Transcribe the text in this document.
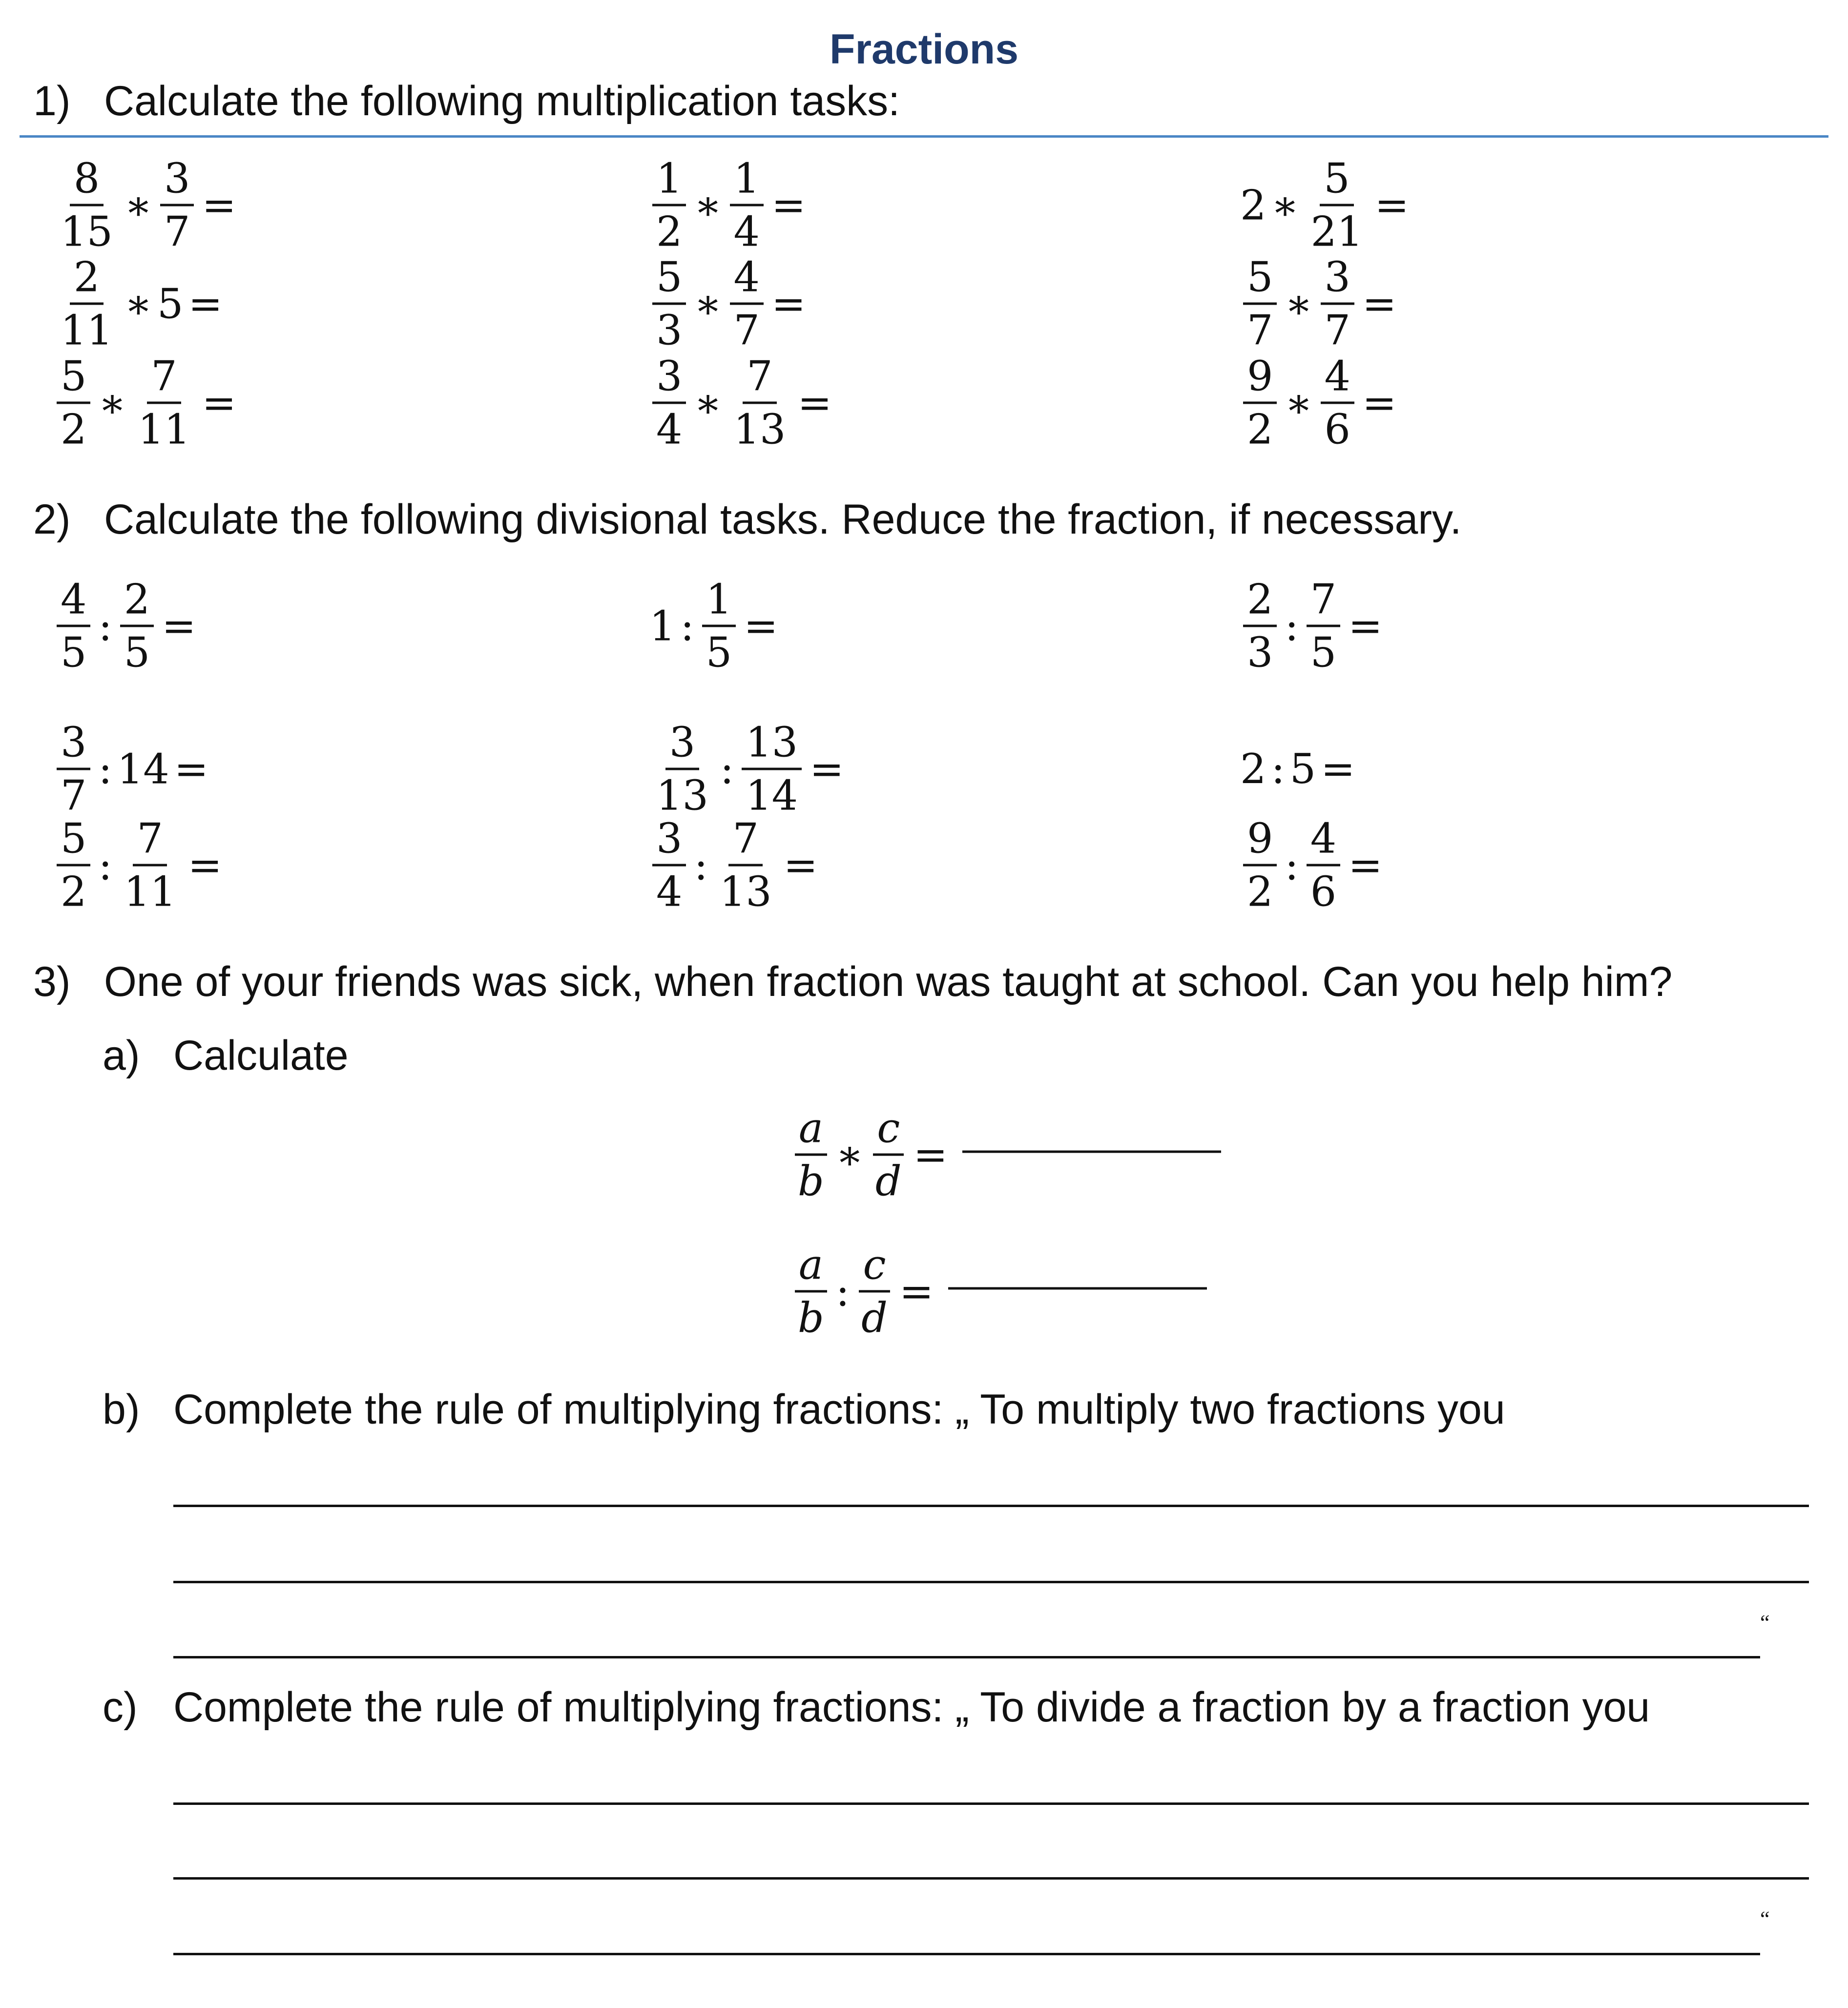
Fractions
1) Calculate the following multiplication tasks:
$\frac{8}{15}$ ∗ $\frac{3}{7}$ =	$\frac{1}{2}$ ∗ $\frac{1}{4}$ =	2 ∗ $\frac{5}{21}$ =
$\frac{2}{11}$ ∗ 5 =	$\frac{5}{3}$ ∗ $\frac{4}{7}$ =	$\frac{5}{7}$ ∗ $\frac{3}{7}$ =
$\frac{5}{2}$ ∗ $\frac{7}{11}$ =	$\frac{3}{4}$ ∗ $\frac{7}{13}$ =	$\frac{9}{2}$ ∗ $\frac{4}{6}$ =
2) Calculate the following divisional tasks. Reduce the fraction, if necessary.
$\frac{4}{5}$ : $\frac{2}{5}$ =	1 : $\frac{1}{5}$ =	$\frac{2}{3}$ : $\frac{7}{5}$ =
$\frac{3}{7}$ : 14 =	$\frac{3}{13}$ : $\frac{13}{14}$ =	2 : 5 =
$\frac{5}{2}$ : $\frac{7}{11}$ =	$\frac{3}{4}$ : $\frac{7}{13}$ =	$\frac{9}{2}$ : $\frac{4}{6}$ =
3) One of your friends was sick, when fraction was taught at school. Can you help him?
a) Calculate
$\frac{a}{b}$ ∗ $\frac{c}{d}$ =
$\frac{a}{b}$ : $\frac{c}{d}$ =
b) Complete the rule of multiplying fractions: „ To multiply two fractions you
“
c) Complete the rule of multiplying fractions: „ To divide a fraction by a fraction you
“
